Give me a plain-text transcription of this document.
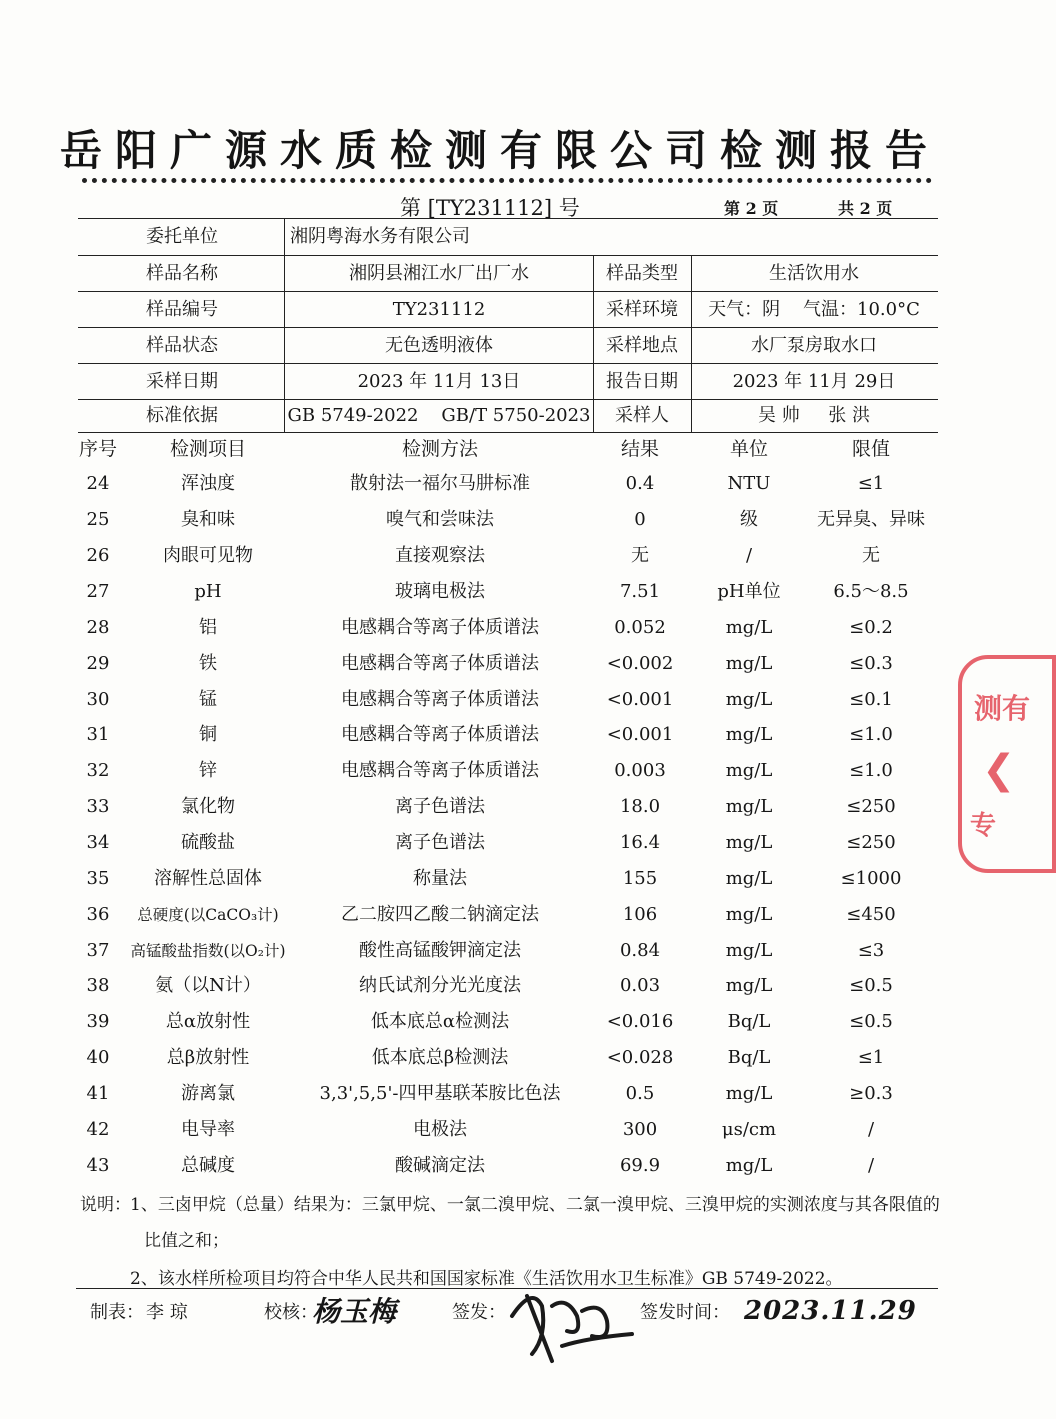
岳阳广源水质检测有限公司检测报告
第 [TY231112] 号	第 2 页	共 2 页
委托单位	湘阴粤海水务有限公司
样品名称	湘阴县湘江水厂出厂水	样品类型	生活饮用水
样品编号	TY231112	采样环境	天气：阴    气温：10.0°C
样品状态	无色透明液体	采样地点	水厂泵房取水口
采样日期	2023 年 11月 13日	报告日期	2023 年 11月 29日
标准依据	GB 5749-2022    GB/T 5750-2023	采样人	吴 帅     张 洪
序号	检测项目	检测方法	结果	单位	限值
24	浑浊度	散射法一福尔马肼标准	0.4	NTU	≤1
25	臭和味	嗅气和尝味法	0	级	无异臭、异味
26	肉眼可见物	直接观察法	无	/	无
27	pH	玻璃电极法	7.51	pH单位	6.5～8.5
28	铝	电感耦合等离子体质谱法	0.052	mg/L	≤0.2
29	铁	电感耦合等离子体质谱法	<0.002	mg/L	≤0.3
30	锰	电感耦合等离子体质谱法	<0.001	mg/L	≤0.1
31	铜	电感耦合等离子体质谱法	<0.001	mg/L	≤1.0
32	锌	电感耦合等离子体质谱法	0.003	mg/L	≤1.0
33	氯化物	离子色谱法	18.0	mg/L	≤250
34	硫酸盐	离子色谱法	16.4	mg/L	≤250
35	溶解性总固体	称量法	155	mg/L	≤1000
36	总硬度(以CaCO₃计)	乙二胺四乙酸二钠滴定法	106	mg/L	≤450
37	高锰酸盐指数(以O₂计)	酸性高锰酸钾滴定法	0.84	mg/L	≤3
38	氨（以N计）	纳氏试剂分光光度法	0.03	mg/L	≤0.5
39	总α放射性	低本底总α检测法	<0.016	Bq/L	≤0.5
40	总β放射性	低本底总β检测法	<0.028	Bq/L	≤1
41	游离氯	3,3',5,5'-四甲基联苯胺比色法	0.5	mg/L	≥0.3
42	电导率	电极法	300	μs/cm	/
43	总碱度	酸碱滴定法	69.9	mg/L	/
说明： 1、三卤甲烷（总量）结果为：三氯甲烷、一氯二溴甲烷、二氯一溴甲烷、三溴甲烷的实测浓度与其各限值的
比值之和；
2、该水样所检项目均符合中华人民共和国国家标准《生活饮用水卫生标准》GB 5749-2022。
制表： 李 琼	校核：
杨玉梅	签发：	签发时间： 2023.11.29
测有
❮
专
